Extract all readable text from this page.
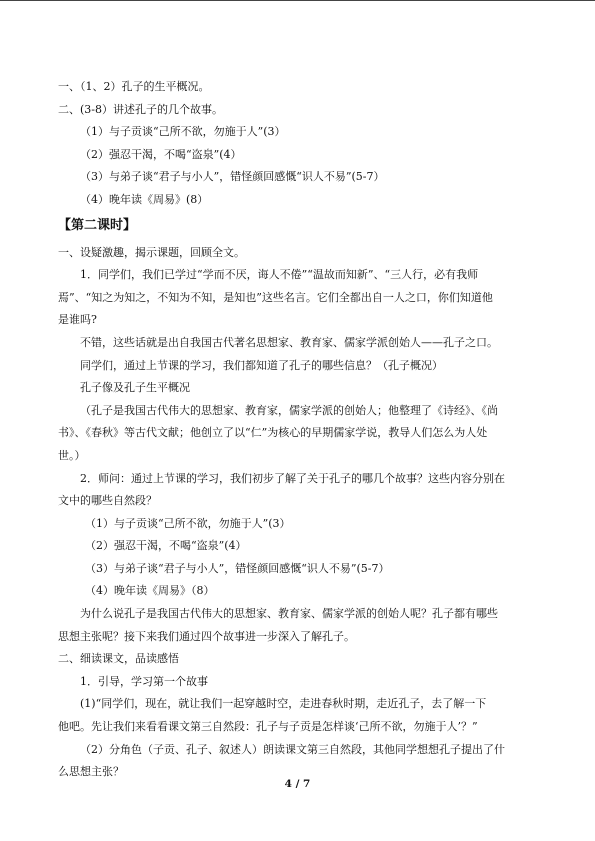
一、（1、2）孔子的生平概况。

二、(3-8）讲述孔子的几个故事。

（1）与子贡谈“己所不欲，勿施于人”(3）

（2）强忍干渴，不喝“盗泉”(4）

（3）与弟子谈“君子与小人”，错怪颜回感慨“识人不易”(5-7）

（4）晚年读《周易》(8）

【第二课时】

一、设疑激趣，揭示课题，回顾全文。

1．同学们，我们已学过“学而不厌，诲人不倦”“温故而知新”、“三人行，必有我师

焉”、“知之为知之，不知为不知，是知也”这些名言。它们全都出自一人之口，你们知道他

是谁吗?

不错，这些话就是出自我国古代著名思想家、教育家、儒家学派创始人——孔子之口。

同学们，通过上节课的学习，我们都知道了孔子的哪些信息？（孔子概况）

孔子像及孔子生平概况

（孔子是我国古代伟大的思想家、教育家，儒家学派的创始人；他整理了《诗经》、《尚

书》、《春秋》等古代文献；他创立了以“仁”为核心的早期儒家学说，教导人们怎么为人处

世。）

2．师问：通过上节课的学习，我们初步了解了关于孔子的哪几个故事？这些内容分别在

文中的哪些自然段？

（1）与子贡谈“己所不欲，勿施于人”(3）

（2）强忍干渴，不喝“盗泉”(4）

（3）与弟子谈“君子与小人”，错怪颜回感慨“识人不易”(5-7）

（4）晚年读《周易》（8）

为什么说孔子是我国古代伟大的思想家、教育家、儒家学派的创始人呢？孔子都有哪些

思想主张呢？接下来我们通过四个故事进一步深入了解孔子。

二、细读课文，品读感悟

1．引导，学习第一个故事

(1)“同学们，现在，就让我们一起穿越时空，走进春秋时期，走近孔子，去了解一下

他吧。先让我们来看看课文第三自然段：孔子与子贡是怎样谈‘己所不欲，勿施于人’？”

（2）分角色（子贡、孔子、叙述人）朗读课文第三自然段，其他同学想想孔子提出了什

么思想主张？

4 / 7
